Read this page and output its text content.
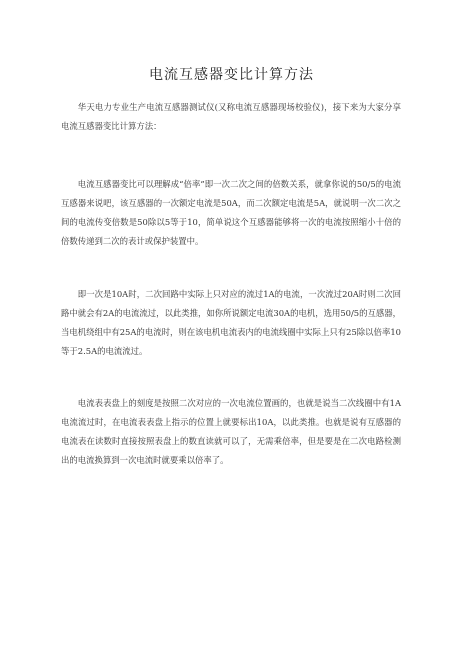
电流互感器变比计算方法
华天电力专业生产电流互感器测试仪(又称电流互感器现场校验仪)，接下来为大家分享电流互感器变比计算方法：
电流互感器变比可以理解成“倍率”即一次二次之间的倍数关系，就拿你说的50/5的电流互感器来说吧，该互感器的一次额定电流是50A，而二次额定电流是5A，就说明一次二次之间的电流传变倍数是50除以5等于10，简单说这个互感器能够将一次的电流按照缩小十倍的倍数传递到二次的表计或保护装置中。
即一次是10A时，二次回路中实际上只对应的流过1A的电流，一次流过20A时则二次回路中就会有2A的电流流过，以此类推，如你所说额定电流30A的电机，选用50/5的互感器，当电机绕组中有25A的电流时，则在该电机电流表内的电流线圈中实际上只有25除以倍率10等于2.5A的电流流过。
电流表表盘上的刻度是按照二次对应的一次电流位置画的，也就是说当二次线圈中有1A电流流过时，在电流表表盘上指示的位置上就要标出10A，以此类推。也就是说有互感器的电流表在读数时直接按照表盘上的数直读就可以了，无需乘倍率，但是要是在二次电路检测出的电流换算到一次电流时就要乘以倍率了。
